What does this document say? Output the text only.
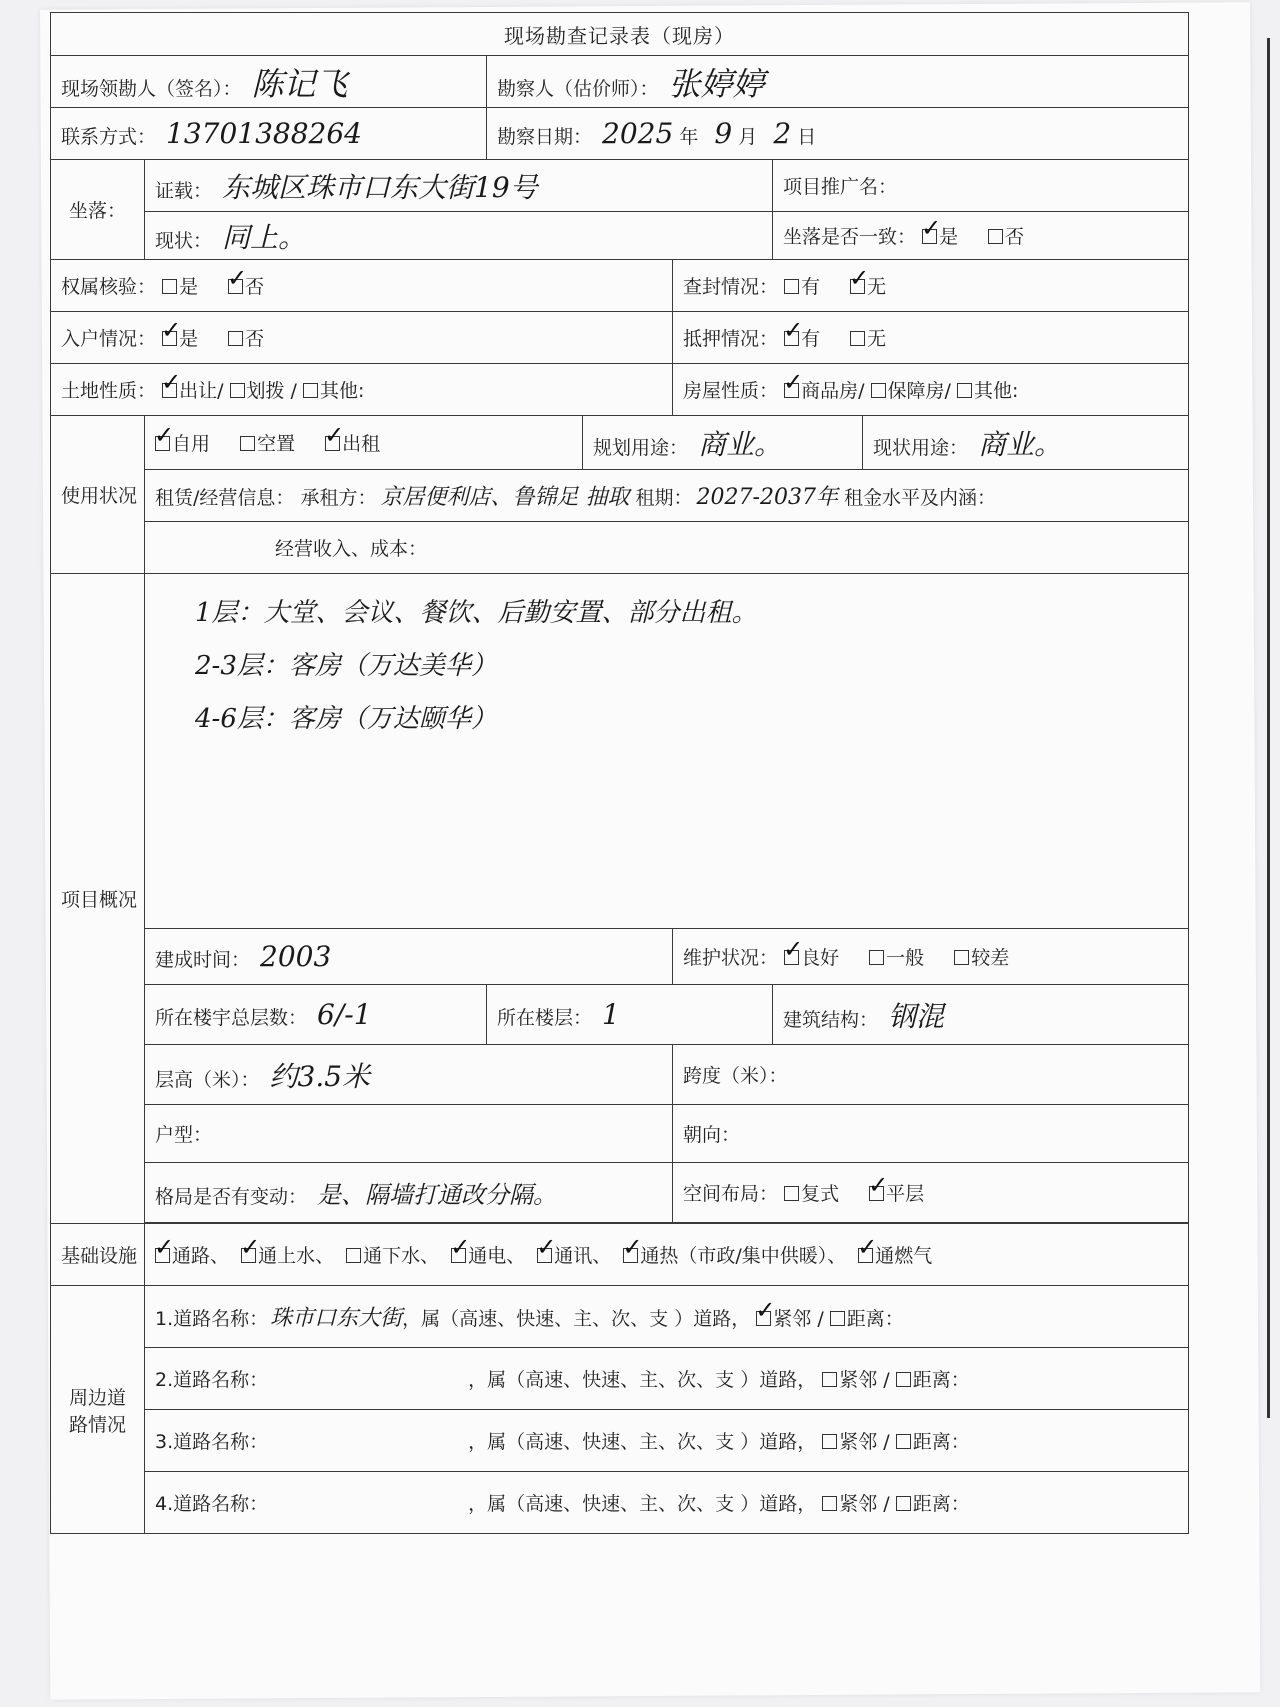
现场勘查记录表（现房）						
现场领勘人（签名）： 陈记飞		勘察人（估价师）： 张婷婷				
联系方式： 13701388264		勘察日期： 2025 年 9 月 2 日				
坐落：	证载： 东城区珠市口东大街19号				项目推广名：	
	现状： 同上。				坐落是否一致： ✓ 是 否
权属核验： 是 ✓ 否				查封情况： 有 ✓ 无
入户情况： ✓ 是 否				抵押情况： ✓ 有 无
土地性质： ✓ 出让/ 划拨 / 其他:				房屋性质： ✓ 商品房/ 保障房/ 其他:
使用状况	✓自用 空置 ✓ 出租		规划用途： 商业。			现状用途： 商业。
	租赁/经营信息： 承租方： 京居便利店、鲁锦足 抽取 租期： 2027-2037年 租金水平及内涵：					
	经营收入、成本：					
项目概况	1层：大堂、会议、餐饮、后勤安置、部分出租。
2-3层：客房（万达美华）
4-6层：客房（万达颐华）					

	建成时间： 2003			维护状况： ✓ 良好 一般 较差
	所在楼宇总层数： 6/-1	所在楼层： 1			建筑结构： 钢混	
	层高（米）： 约3.5米			跨度（米）：		
	户型：			朝向：		
	格局是否有变动： 是、隔墙打通改分隔。			空间布局： 复式 ✓ 平层

基础设施	✓通路、 ✓ 通上水、 通下水、 ✓ 通电、 ✓ 通讯、 ✓ 通热（市政/集中供暖）、 ✓ 通燃气
周边道路情况	1.道路名称：珠市口东大街，属（高速、快速、主、次、支 ）道路， ✓ 紧邻 / 距离：
	2.道路名称： ，属（高速、快速、主、次、支 ）道路， 紧邻 / 距离：					
	3.道路名称： ，属（高速、快速、主、次、支 ）道路， 紧邻 / 距离：					
	4.道路名称： ，属（高速、快速、主、次、支 ）道路， 紧邻 / 距离：					
